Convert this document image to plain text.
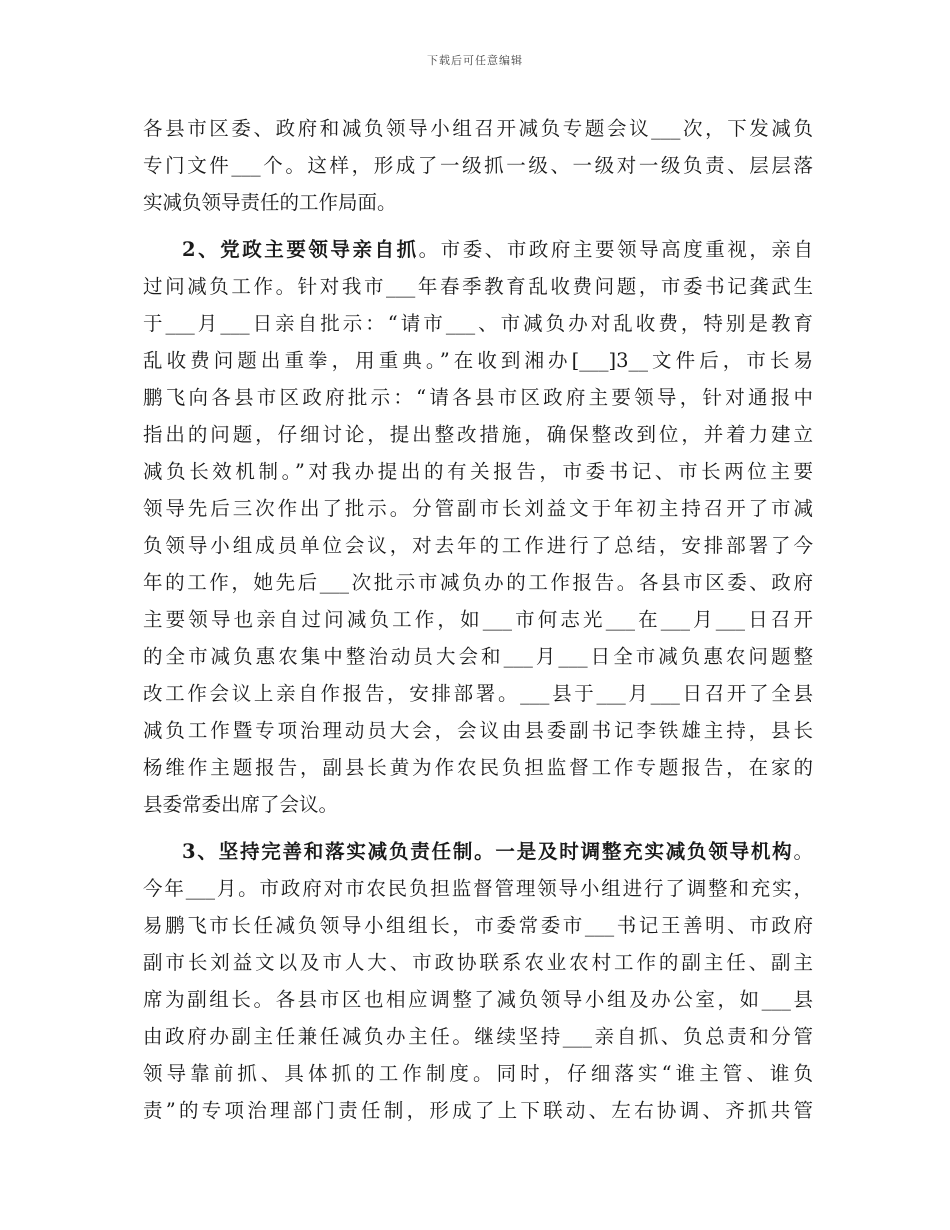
下载后可任意编辑
各县市区委、政府和减负领导小组召开减负专题会议___次，下发减负
专门文件___个。这样，形成了一级抓一级、一级对一级负责、层层落
实减负领导责任的工作局面。
2、党政主要领导亲自抓。市委、市政府主要领导高度重视，亲自
过问减负工作。针对我市___年春季教育乱收费问题，市委书记龚武生
于___月___日亲自批示：“请市___、市减负办对乱收费，特别是教育
乱收费问题出重拳，用重典。”在收到湘办[___]3__文件后，市长易
鹏飞向各县市区政府批示：“请各县市区政府主要领导，针对通报中
指出的问题，仔细讨论，提出整改措施，确保整改到位，并着力建立
减负长效机制。”对我办提出的有关报告，市委书记、市长两位主要
领导先后三次作出了批示。分管副市长刘益文于年初主持召开了市减
负领导小组成员单位会议，对去年的工作进行了总结，安排部署了今
年的工作，她先后___次批示市减负办的工作报告。各县市区委、政府
主要领导也亲自过问减负工作，如___市何志光___在___月___日召开
的全市减负惠农集中整治动员大会和___月___日全市减负惠农问题整
改工作会议上亲自作报告，安排部署。___县于___月___日召开了全县
减负工作暨专项治理动员大会，会议由县委副书记李铁雄主持，县长
杨维作主题报告，副县长黄为作农民负担监督工作专题报告，在家的
县委常委出席了会议。
3、坚持完善和落实减负责任制。一是及时调整充实减负领导机构。
今年___月。市政府对市农民负担监督管理领导小组进行了调整和充实，
易鹏飞市长任减负领导小组组长，市委常委市___书记王善明、市政府
副市长刘益文以及市人大、市政协联系农业农村工作的副主任、副主
席为副组长。各县市区也相应调整了减负领导小组及办公室，如___县
由政府办副主任兼任减负办主任。继续坚持___亲自抓、负总责和分管
领导靠前抓、具体抓的工作制度。同时，仔细落实“谁主管、谁负
责”的专项治理部门责任制，形成了上下联动、左右协调、齐抓共管
